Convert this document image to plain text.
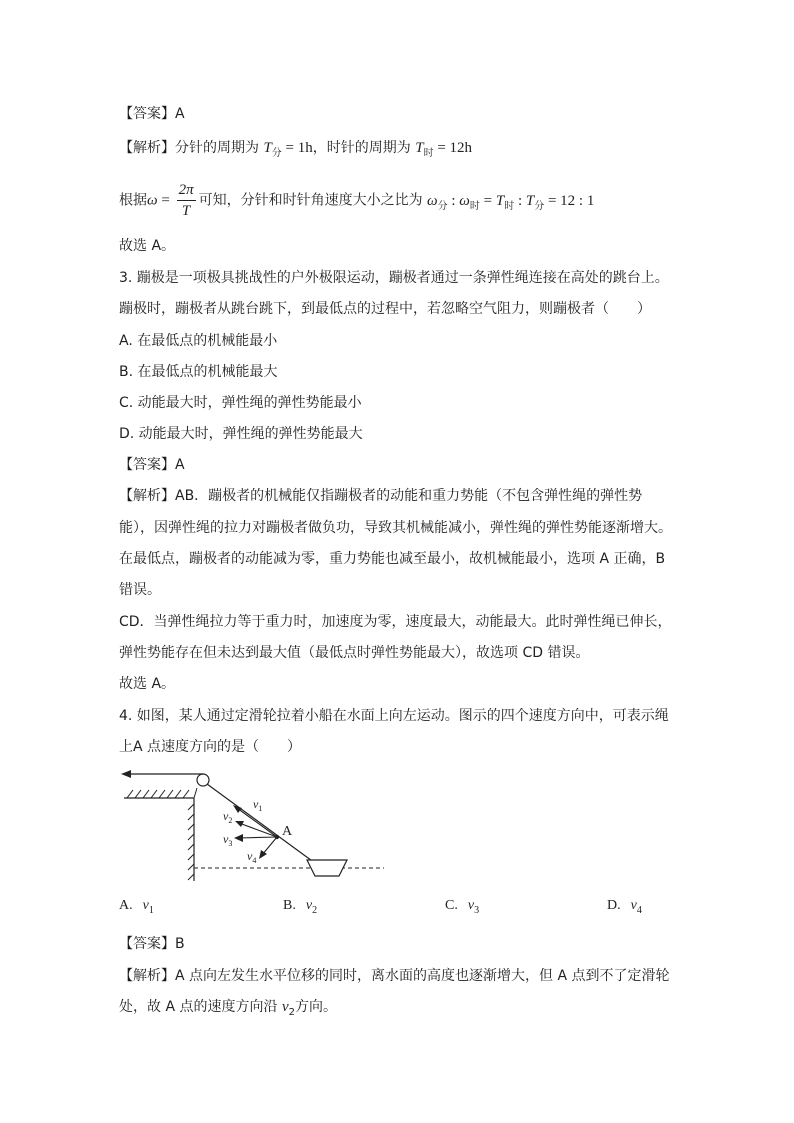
【答案】A
【解析】分针的周期为 $T_分 = 1h$，时针的周期为 $T_时 = 12h$
根据$\omega = \frac{2\pi}{T}$ 可知，分针和时针角速度大小之比为 $\omega_分$ : $\omega_时 = T_时$ : $T_分 = 12$ : 1
故选 A。
3. 蹦极是一项极具挑战性的户外极限运动，蹦极者通过一条弹性绳连接在高处的跳台上。
蹦极时，蹦极者从跳台跳下，到最低点的过程中，若忽略空气阻力，则蹦极者（　　）
A. 在最低点的机械能最小
B. 在最低点的机械能最大
C. 动能最大时，弹性绳的弹性势能最小
D. 动能最大时，弹性绳的弹性势能最大
【答案】A
【解析】AB．蹦极者的机械能仅指蹦极者的动能和重力势能（不包含弹性绳的弹性势
能），因弹性绳的拉力对蹦极者做负功，导致其机械能减小，弹性绳的弹性势能逐渐增大。
在最低点，蹦极者的动能减为零，重力势能也减至最小，故机械能最小，选项 A 正确，B
错误。
CD．当弹性绳拉力等于重力时，加速度为零，速度最大，动能最大。此时弹性绳已伸长，
弹性势能存在但未达到最大值（最低点时弹性势能最大），故选项 CD 错误。
故选 A。
4. 如图，某人通过定滑轮拉着小船在水面上向左运动。图示的四个速度方向中，可表示绳
上A 点速度方向的是（　　）
A
$v_1$
$v_2$
$v_3$
$v_4$
A. $v_1$	B. $v_2$	C. $v_3$	D. $v_4$
【答案】B
【解析】A 点向左发生水平位移的同时，离水面的高度也逐渐增大，但 A 点到不了定滑轮
处，故 A 点的速度方向沿 $v_2$方向。
